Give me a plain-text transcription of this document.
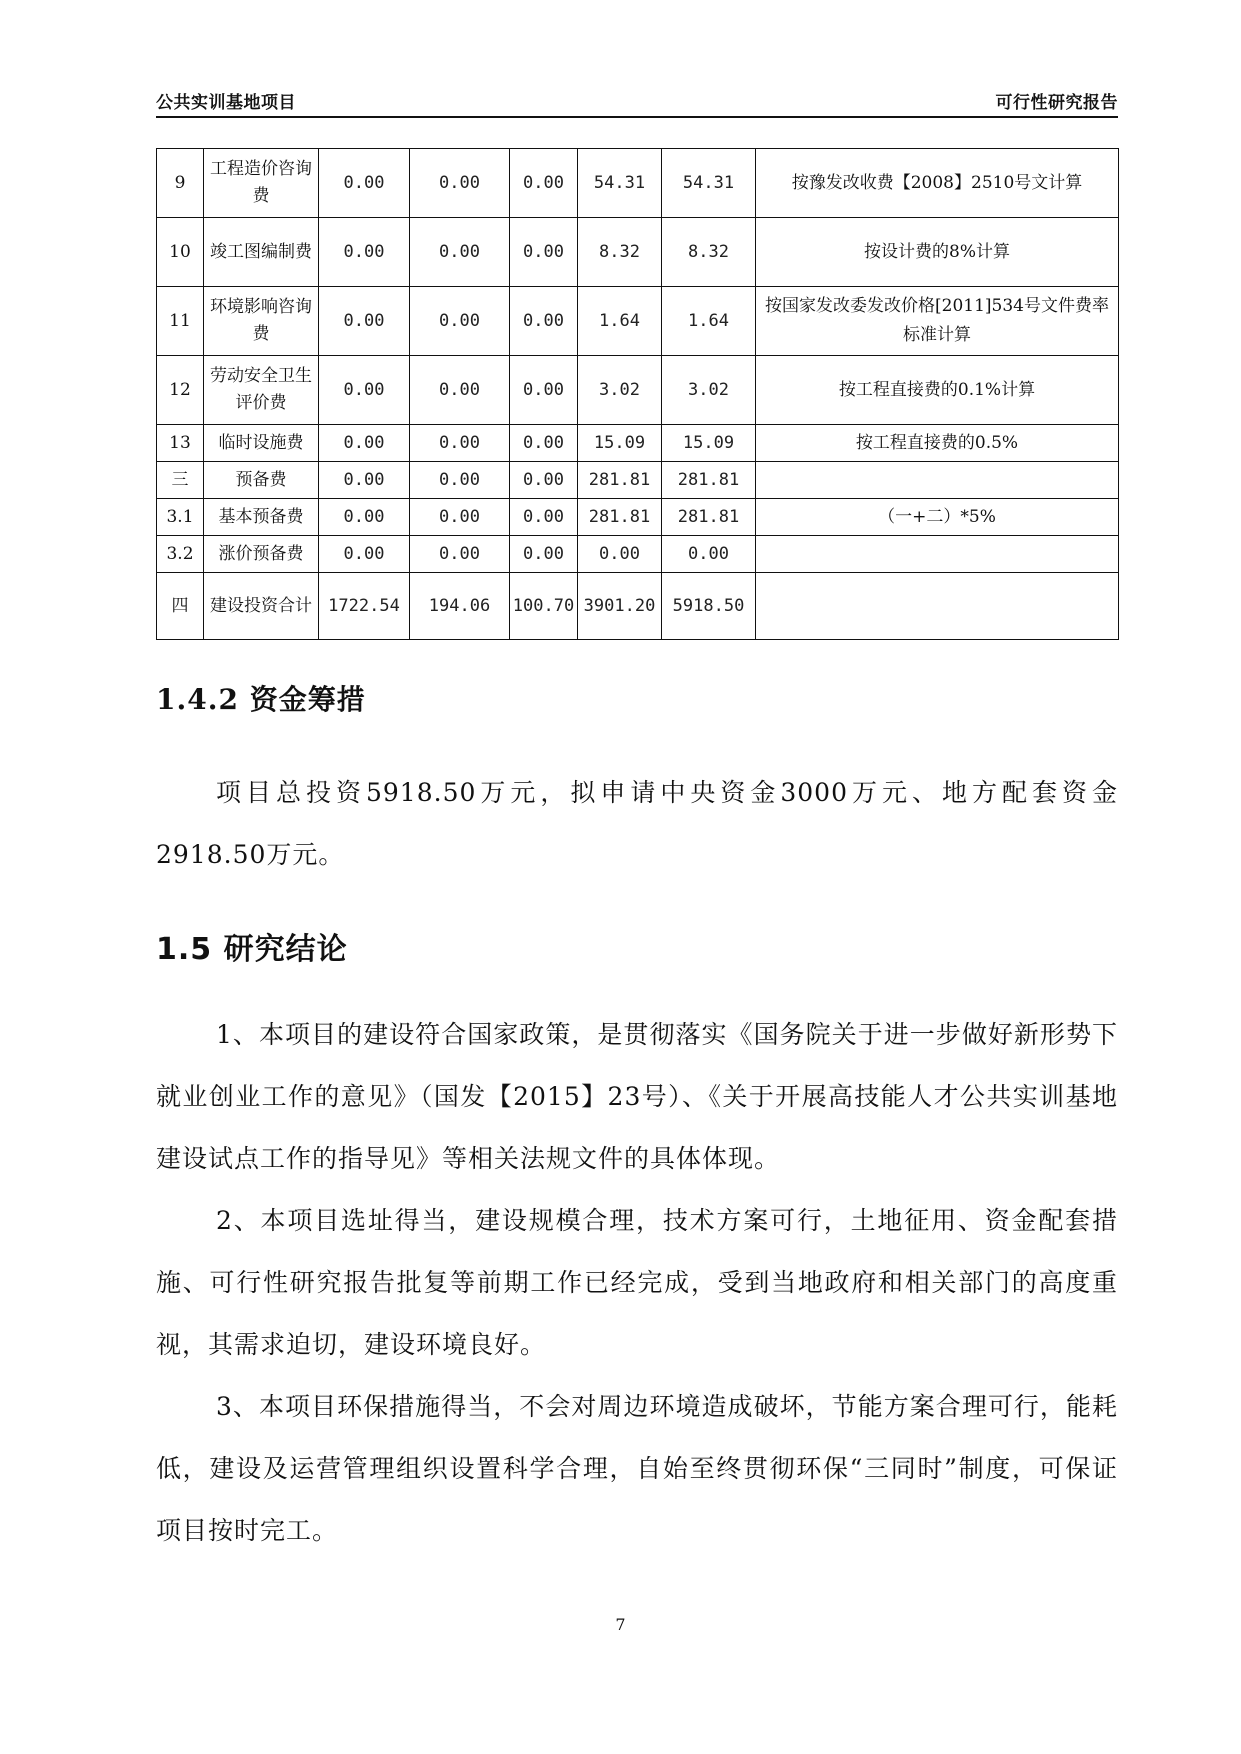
公共实训基地项目	可行性研究报告
9	工程造价咨询费	0.00	0.00	0.00	54.31	54.31	按豫发改收费【2008】2510号文计算
10	竣工图编制费	0.00	0.00	0.00	8.32	8.32	按设计费的8%计算
11	环境影响咨询费	0.00	0.00	0.00	1.64	1.64	按国家发改委发改价格[2011]534号文件费率标准计算
12	劳动安全卫生评价费	0.00	0.00	0.00	3.02	3.02	按工程直接费的0.1%计算
13	临时设施费	0.00	0.00	0.00	15.09	15.09	按工程直接费的0.5%
三	预备费	0.00	0.00	0.00	281.81	281.81	
3.1	基本预备费	0.00	0.00	0.00	281.81	281.81	（一+二）*5%
3.2	涨价预备费	0.00	0.00	0.00	0.00	0.00	
四	建设投资合计	1722.54	194.06	100.70	3901.20	5918.50	
1.4.2 资金筹措

项目总投资5918.50万元，拟申请中央资金3000万元、地方配套资金2918.50万元。

1.5 研究结论

1、本项目的建设符合国家政策，是贯彻落实《国务院关于进一步做好新形势下就业创业工作的意见》（国发【2015】23号）、《关于开展高技能人才公共实训基地建设试点工作的指导见》等相关法规文件的具体体现。

2、本项目选址得当，建设规模合理，技术方案可行，土地征用、资金配套措施、可行性研究报告批复等前期工作已经完成，受到当地政府和相关部门的高度重视，其需求迫切，建设环境良好。

3、本项目环保措施得当，不会对周边环境造成破坏，节能方案合理可行，能耗低，建设及运营管理组织设置科学合理，自始至终贯彻环保“三同时”制度，可保证项目按时完工。

7
